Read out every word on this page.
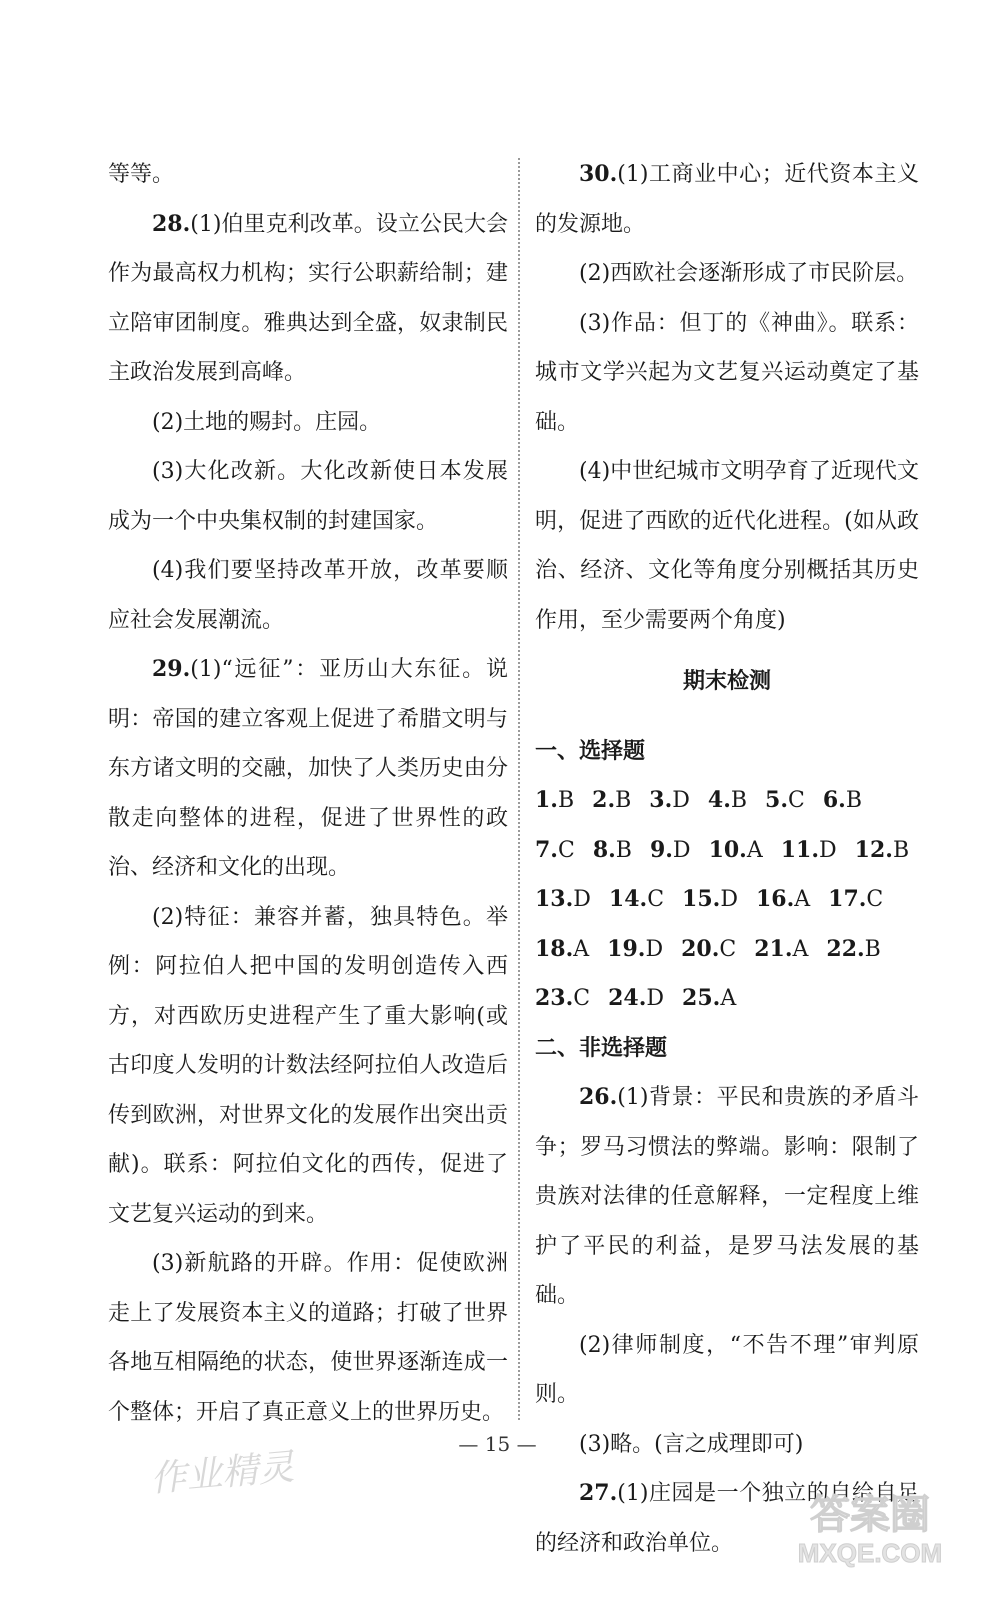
等等。

28.(1)伯里克利改革。设立公民大会作为最高权力机构；实行公职薪给制；建立陪审团制度。雅典达到全盛，奴隶制民主政治发展到高峰。

(2)土地的赐封。庄园。

(3)大化改新。大化改新使日本发展成为一个中央集权制的封建国家。

(4)我们要坚持改革开放，改革要顺应社会发展潮流。

29.(1)“远征”：亚历山大东征。说明：帝国的建立客观上促进了希腊文明与东方诸文明的交融，加快了人类历史由分散走向整体的进程，促进了世界性的政治、经济和文化的出现。

(2)特征：兼容并蓄，独具特色。举例：阿拉伯人把中国的发明创造传入西方，对西欧历史进程产生了重大影响(或古印度人发明的计数法经阿拉伯人改造后传到欧洲，对世界文化的发展作出突出贡献)。联系：阿拉伯文化的西传，促进了文艺复兴运动的到来。

(3)新航路的开辟。作用：促使欧洲走上了发展资本主义的道路；打破了世界各地互相隔绝的状态，使世界逐渐连成一个整体；开启了真正意义上的世界历史。

30.(1)工商业中心；近代资本主义的发源地。

(2)西欧社会逐渐形成了市民阶层。

(3)作品：但丁的《神曲》。联系：城市文学兴起为文艺复兴运动奠定了基础。

(4)中世纪城市文明孕育了近现代文明，促进了西欧的近代化进程。(如从政治、经济、文化等角度分别概括其历史作用，至少需要两个角度)

期末检测

一、选择题

1.B 2.B 3.D 4.B 5.C 6.B
7.C 8.B 9.D 10.A 11.D 12.B
13.D 14.C 15.D 16.A 17.C
18.A 19.D 20.C 21.A 22.B
23.C 24.D 25.A

二、非选择题

26.(1)背景：平民和贵族的矛盾斗争；罗马习惯法的弊端。影响：限制了贵族对法律的任意解释，一定程度上维护了平民的利益，是罗马法发展的基础。

(2)律师制度，“不告不理”审判原则。

(3)略。(言之成理即可)

27.(1)庄园是一个独立的自给自足的经济和政治单位。

— 15 —
作业精灵
答案圈
MXQE.COM
